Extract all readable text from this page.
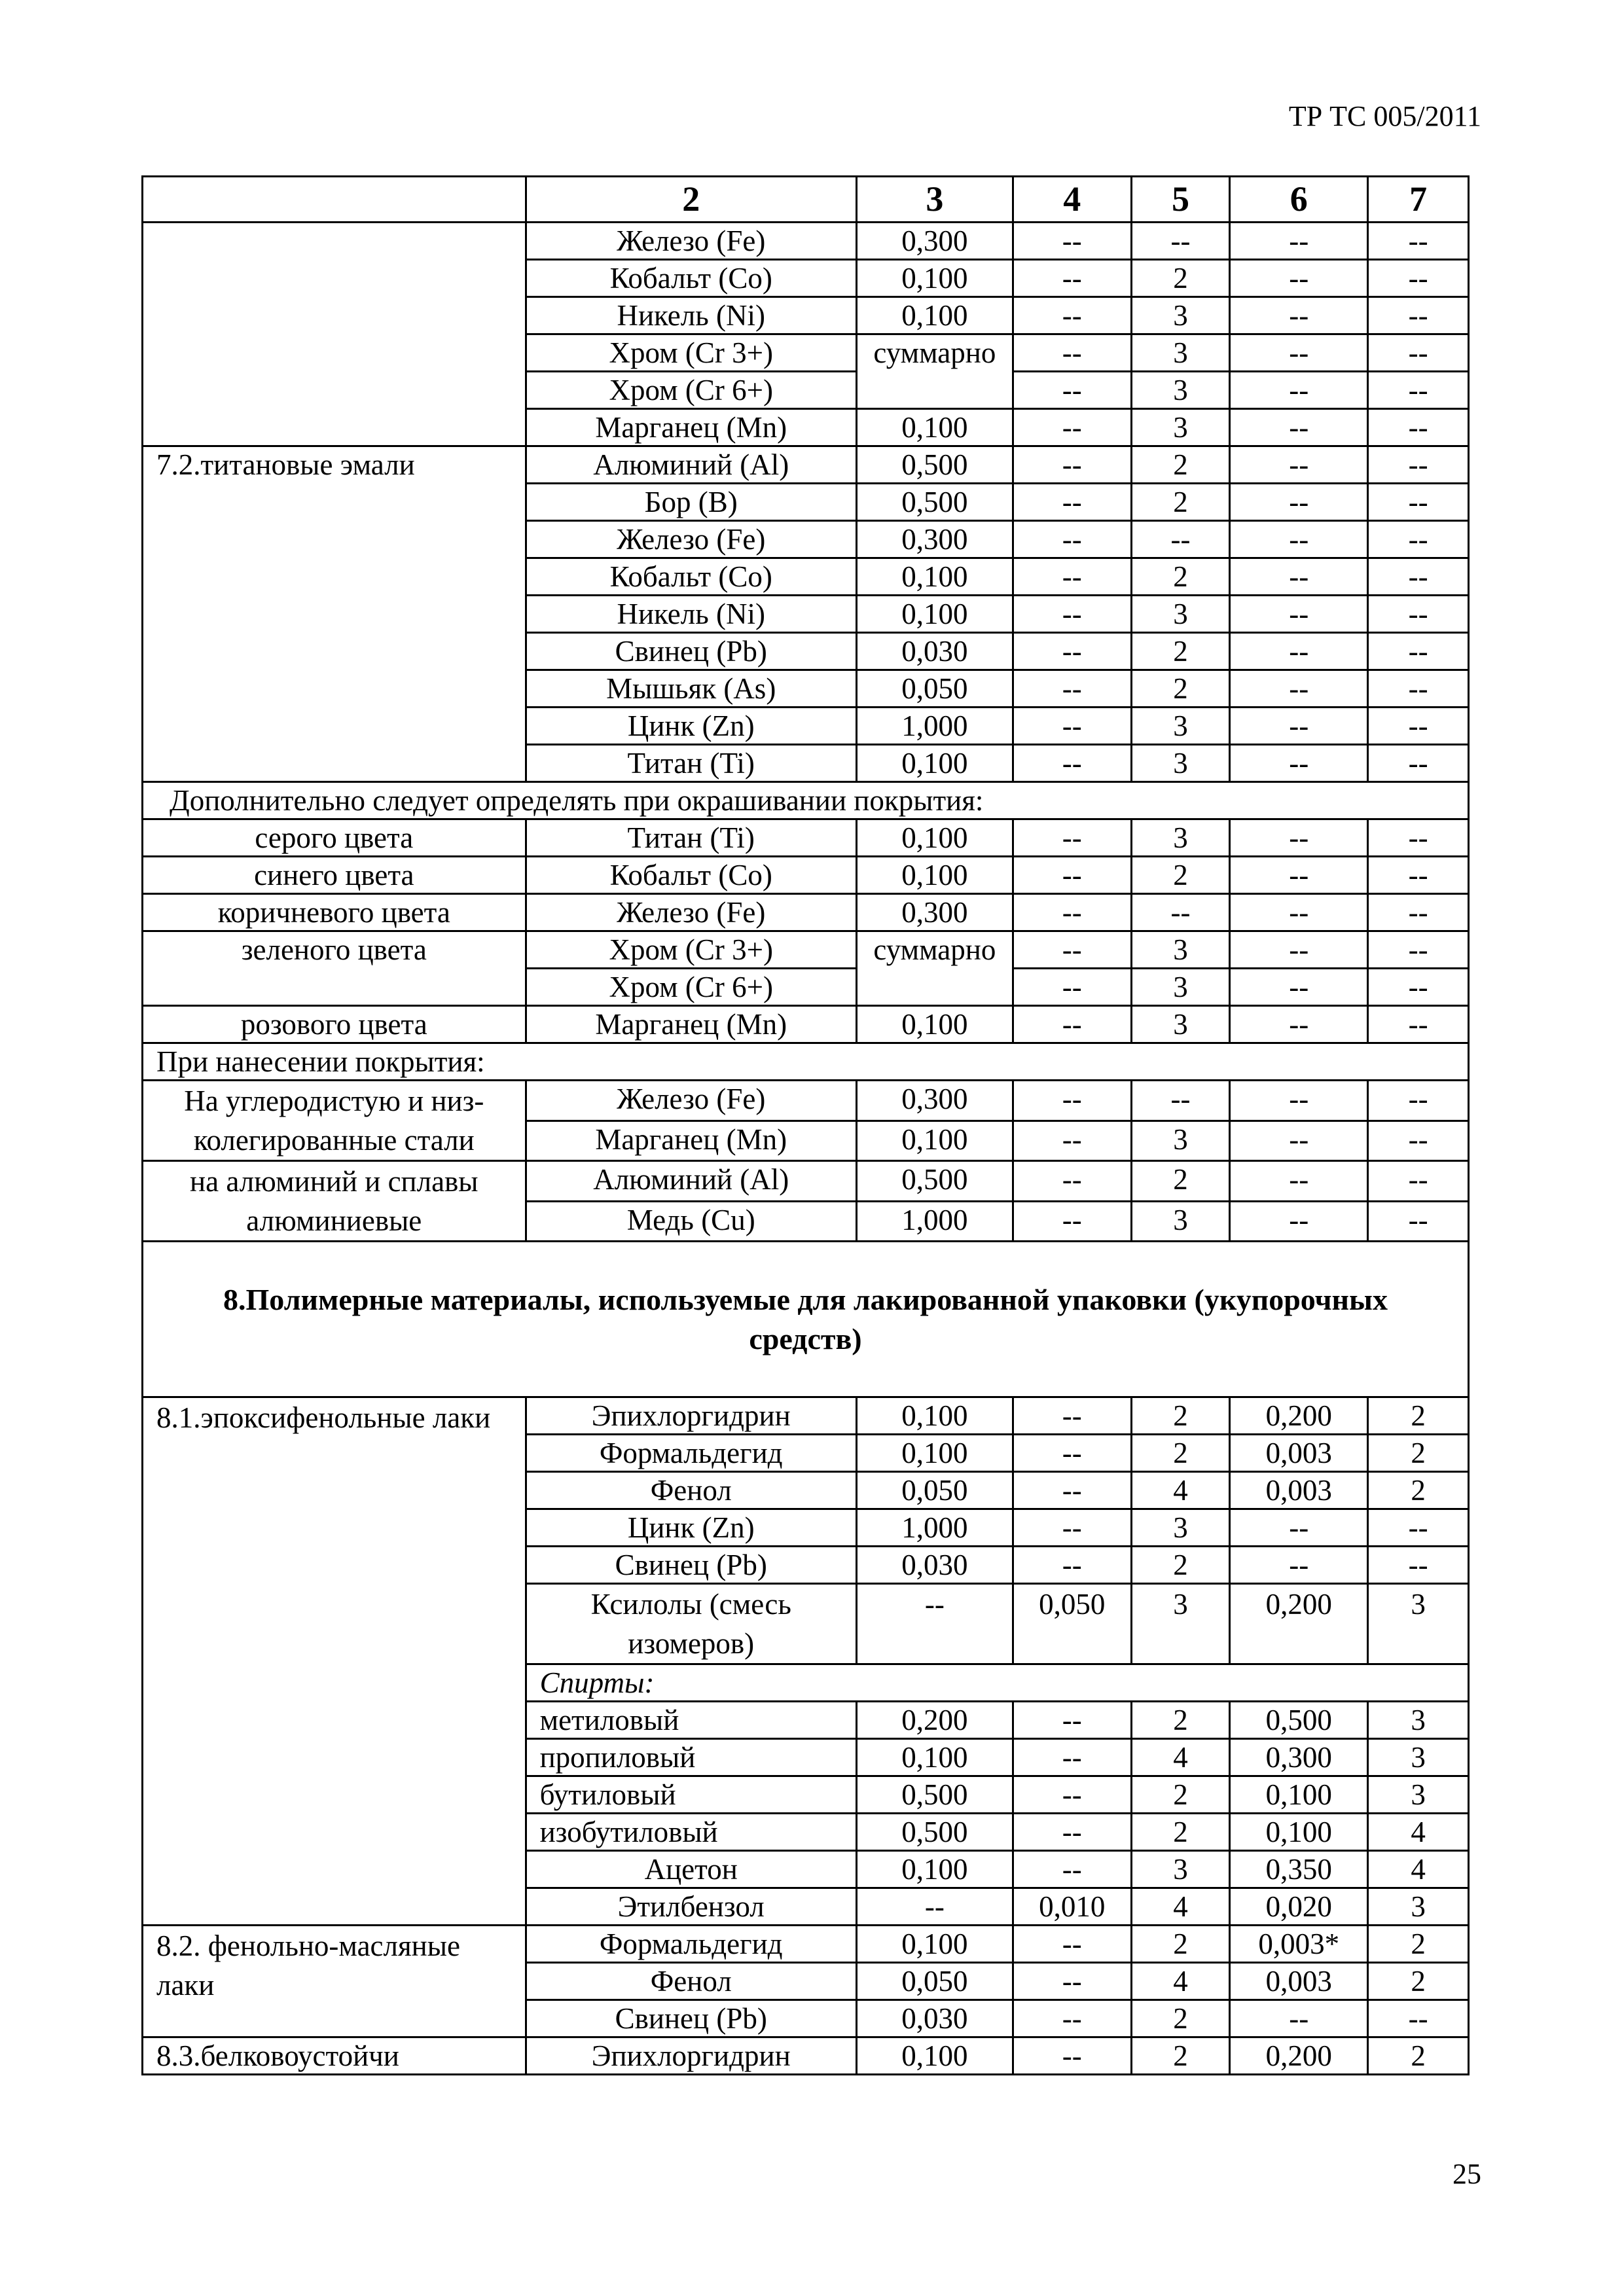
ТР ТС 005/2011
	2	3	4	5	6	7
	Железо (Fe)	0,300	--	--	--	--
	Кобальт (Co)	0,100	--	2	--	--
	Никель (Ni)	0,100	--	3	--	--
	Хром (Cr 3+)	суммарно	--	3	--	--
	Хром (Cr 6+)		--	3	--	--
	Марганец (Mn)	0,100	--	3	--	--
7.2.титановые эмали	Алюминий (Al)	0,500	--	2	--	--
	Бор (B)	0,500	--	2	--	--
	Железо (Fe)	0,300	--	--	--	--
	Кобальт (Co)	0,100	--	2	--	--
	Никель (Ni)	0,100	--	3	--	--
	Свинец (Pb)	0,030	--	2	--	--
	Мышьяк (As)	0,050	--	2	--	--
	Цинк (Zn)	1,000	--	3	--	--
	Титан (Ti)	0,100	--	3	--	--
Дополнительно следует определять при окрашивании покрытия:						
серого цвета	Титан (Ti)	0,100	--	3	--	--
синего цвета	Кобальт (Co)	0,100	--	2	--	--
коричневого цвета	Железо (Fe)	0,300	--	--	--	--
зеленого цвета	Хром (Cr 3+)	суммарно	--	3	--	--
	Хром (Cr 6+)		--	3	--	--
розового цвета	Марганец (Mn)	0,100	--	3	--	--
При нанесении покрытия:						
На углеродистую и низ-колегированные стали	Железо (Fe)	0,300	--	--	--	--
	Марганец (Mn)	0,100	--	3	--	--
на алюминий и сплавы алюминиевые	Алюминий (Al)	0,500	--	2	--	--
	Медь (Cu)	1,000	--	3	--	--
8.Полимерные материалы, используемые для лакированной упаковки (укупорочных средств)						
8.1.эпоксифенольные лаки	Эпихлоргидрин	0,100	--	2	0,200	2
	Формальдегид	0,100	--	2	0,003	2
	Фенол	0,050	--	4	0,003	2
	Цинк (Zn)	1,000	--	3	--	--
	Свинец (Pb)	0,030	--	2	--	--
	Ксилолы (смесь изомеров)	--	0,050	3	0,200	3
	Спирты:					
	метиловый	0,200	--	2	0,500	3
	пропиловый	0,100	--	4	0,300	3
	бутиловый	0,500	--	2	0,100	3
	изобутиловый	0,500	--	2	0,100	4
	Ацетон	0,100	--	3	0,350	4
	Этилбензол	--	0,010	4	0,020	3
8.2. фенольно-масляные лаки	Формальдегид	0,100	--	2	0,003*	2
	Фенол	0,050	--	4	0,003	2
	Свинец (Pb)	0,030	--	2	--	--
8.3.белковоустойчи	Эпихлоргидрин	0,100	--	2	0,200	2
25
